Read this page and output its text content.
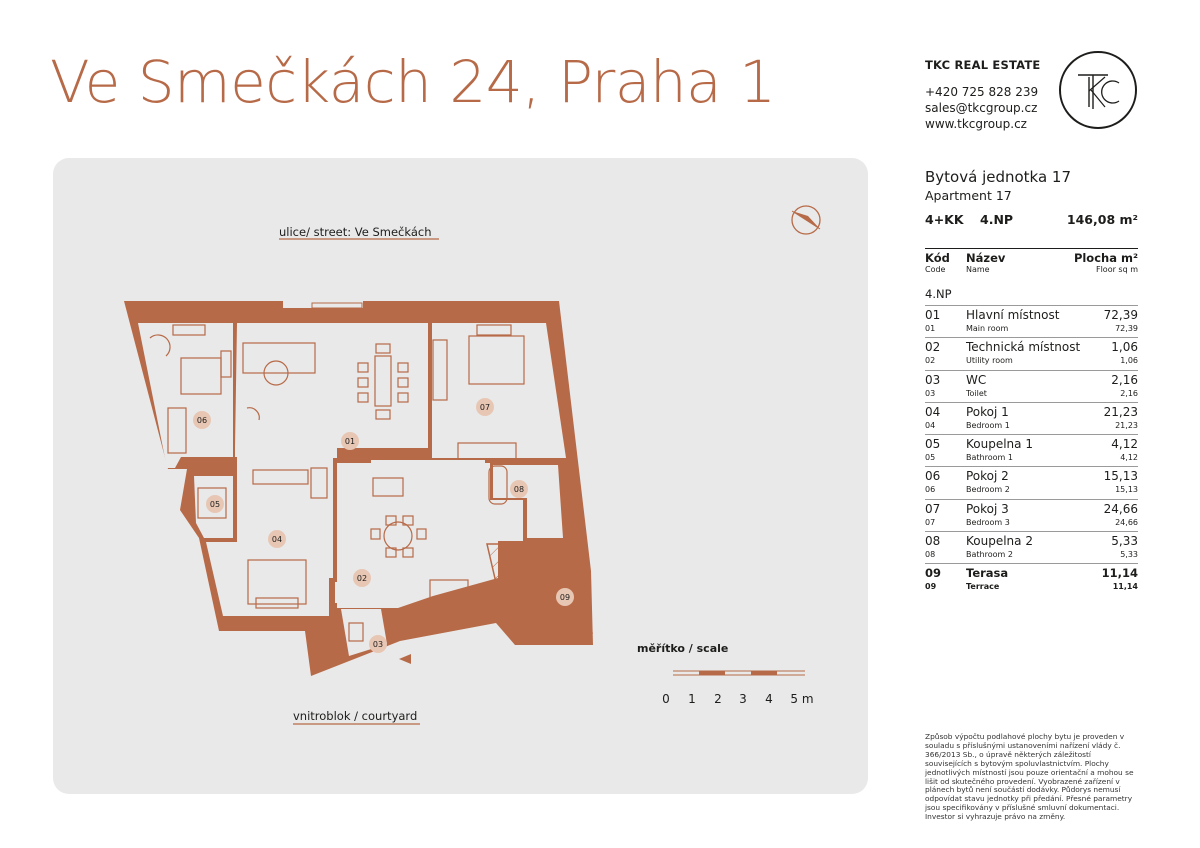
Ve Smečkách 24, Praha 1	TKC REAL ESTATE
+420 725 828 239
sales@tkcgroup.cz
www.tkcgroup.cz
ulice/ street: Ve Smečkách
06
01
07
04
05
08
09
02
03
vnitroblok / courtyard
měřítko / scale
0 1 2 3 4 5 m
Bytová jednotka 17
Apartment 17
4+KK 4.NP	146,08 m²
Kód
Code
Název
Name
Plocha m²
Floor sq m
4.NP
01 Hlavní místnost	72,39
01	Main room	72,39
02 Technická místnost	1,06
02	Utility room	1,06
03 WC	2,16
03	Toilet	2,16
04 Pokoj 1	21,23
04	Bedroom 1	21,23
05 Koupelna 1	4,12
05	Bathroom 1	4,12
06 Pokoj 2	15,13
06	Bedroom 2	15,13
07 Pokoj 3	24,66
07	Bedroom 3	24,66
08 Koupelna 2	5,33
08	Bathroom 2	5,33
09 Terasa	11,14
09	Terrace	11,14
Způsob výpočtu podlahové plochy bytu je proveden v souladu s příslušnými ustanoveními nařízení vlády č. 366/2013 Sb., o úpravě některých záležitostí souvisejících s bytovým spoluvlastnictvím. Plochy jednotlivých místností jsou pouze orientační a mohou se lišit od skutečného provedení. Vyobrazené zařízení v plánech bytů není součástí dodávky. Půdorys nemusí odpovídat stavu jednotky při předání. Přesné parametry jsou specifikovány v příslušné smluvní dokumentaci. Investor si vyhrazuje právo na změny.
